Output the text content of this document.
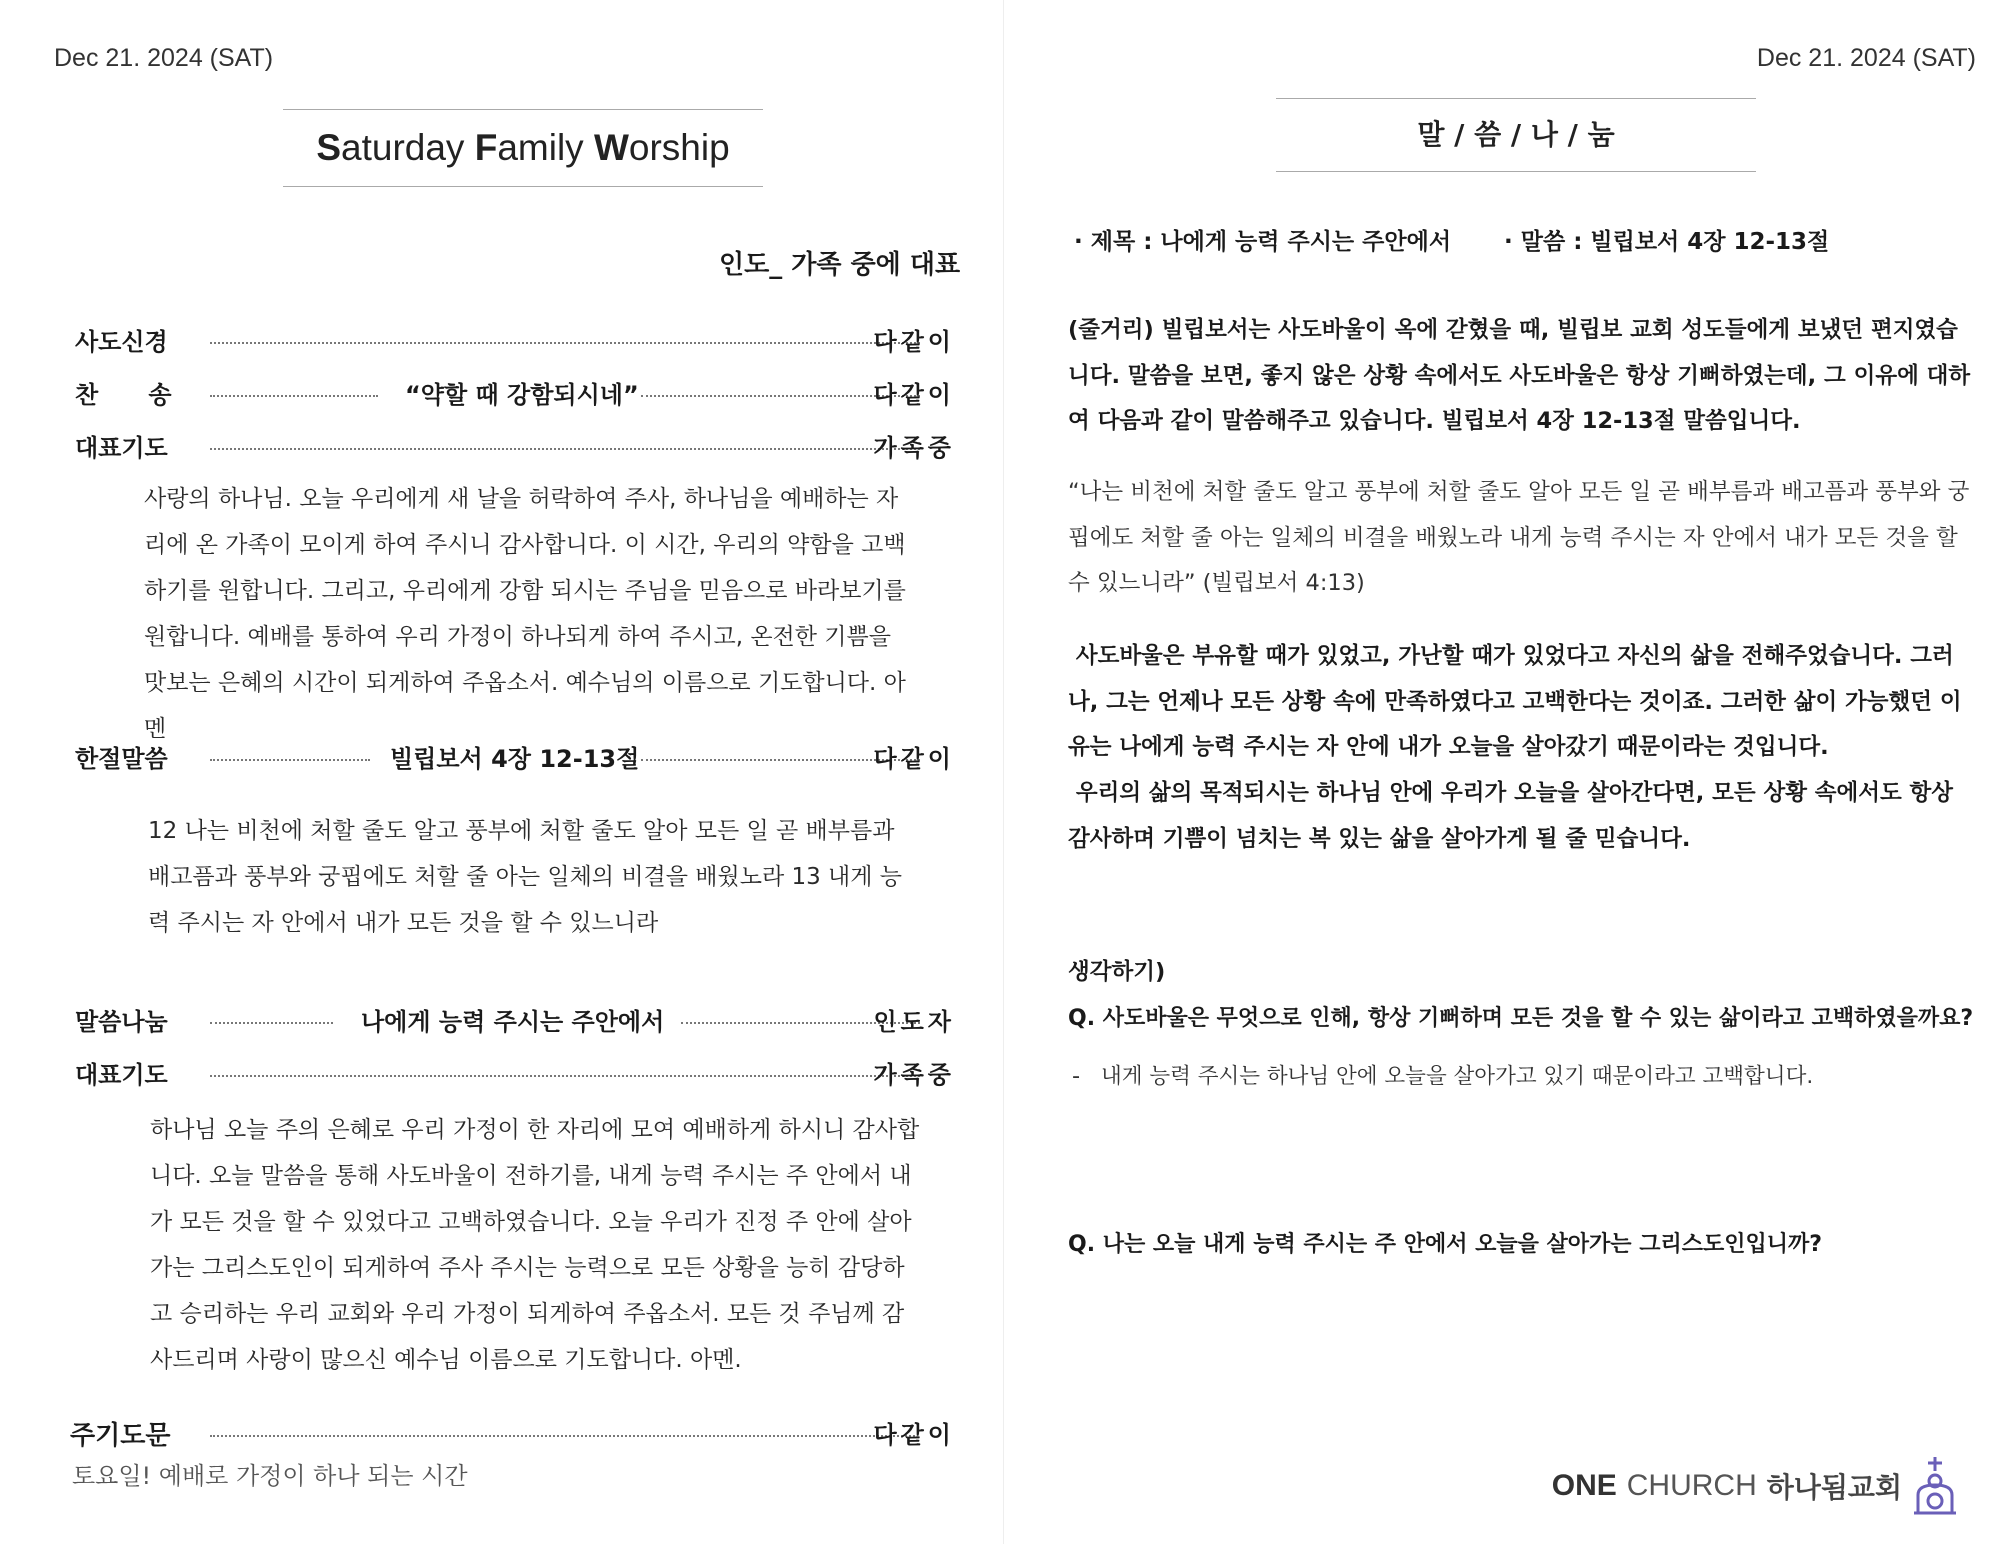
Dec 21. 2024 (SAT)
Saturday Family Worship
인도_ 가족 중에 대표
사도신경	다같이
찬      송	“약할 때 강함되시네”	다같이
대표기도	가족중
사랑의 하나님. 오늘 우리에게 새 날을 허락하여 주사, 하나님을 예배하는 자리에 온 가족이 모이게 하여 주시니 감사합니다. 이 시간, 우리의 약함을 고백하기를 원합니다. 그리고, 우리에게 강함 되시는 주님을 믿음으로 바라보기를 원합니다. 예배를 통하여 우리 가정이 하나되게 하여 주시고, 온전한 기쁨을 맛보는 은혜의 시간이 되게하여 주옵소서. 예수님의 이름으로 기도합니다. 아멘
한절말씀	빌립보서 4장 12-13절	다같이
12 나는 비천에 처할 줄도 알고 풍부에 처할 줄도 알아 모든 일 곧 배부름과 배고픔과 풍부와 궁핍에도 처할 줄 아는 일체의 비결을 배웠노라 13 내게 능력 주시는 자 안에서 내가 모든 것을 할 수 있느니라
말씀나눔	나에게 능력 주시는 주안에서	인도자
대표기도	가족중
하나님 오늘 주의 은혜로 우리 가정이 한 자리에 모여 예배하게 하시니 감사합니다. 오늘 말씀을 통해 사도바울이 전하기를, 내게 능력 주시는 주 안에서 내가 모든 것을 할 수 있었다고 고백하였습니다. 오늘 우리가 진정 주 안에 살아가는 그리스도인이 되게하여 주사 주시는 능력으로 모든 상황을 능히 감당하고 승리하는 우리 교회와 우리 가정이 되게하여 주옵소서. 모든 것 주님께 감사드리며 사랑이 많으신 예수님 이름으로 기도합니다. 아멘.
주기도문	다같이
토요일! 예배로 가정이 하나 되는 시간
Dec 21. 2024 (SAT)
말 / 씀 / 나 / 눔
· 제목 : 나에게 능력 주시는 주안에서	· 말씀 : 빌립보서 4장 12-13절
(줄거리) 빌립보서는 사도바울이 옥에 갇혔을 때, 빌립보 교회 성도들에게 보냈던 편지였습니다. 말씀을 보면, 좋지 않은 상황 속에서도 사도바울은 항상 기뻐하였는데, 그 이유에 대하여 다음과 같이 말씀해주고 있습니다. 빌립보서 4장 12-13절 말씀입니다.
“나는 비천에 처할 줄도 알고 풍부에 처할 줄도 알아 모든 일 곧 배부름과 배고픔과 풍부와 궁핍에도 처할 줄 아는 일체의 비결을 배웠노라 내게 능력 주시는 자 안에서 내가 모든 것을 할 수 있느니라” (빌립보서 4:13)
사도바울은 부유할 때가 있었고, 가난할 때가 있었다고 자신의 삶을 전해주었습니다. 그러나, 그는 언제나 모든 상황 속에 만족하였다고 고백한다는 것이죠. 그러한 삶이 가능했던 이유는 나에게 능력 주시는 자 안에 내가 오늘을 살아갔기 때문이라는 것입니다.
우리의 삶의 목적되시는 하나님 안에 우리가 오늘을 살아간다면, 모든 상황 속에서도 항상 감사하며 기쁨이 넘치는 복 있는 삶을 살아가게 될 줄 믿습니다.
생각하기)
Q. 사도바울은 무엇으로 인해, 항상 기뻐하며 모든 것을 할 수 있는 삶이라고 고백하였을까요?
- 내게 능력 주시는 하나님 안에 오늘을 살아가고 있기 때문이라고 고백합니다.
Q. 나는 오늘 내게 능력 주시는 주 안에서 오늘을 살아가는 그리스도인입니까?
ONE CHURCH 하나됨교회
